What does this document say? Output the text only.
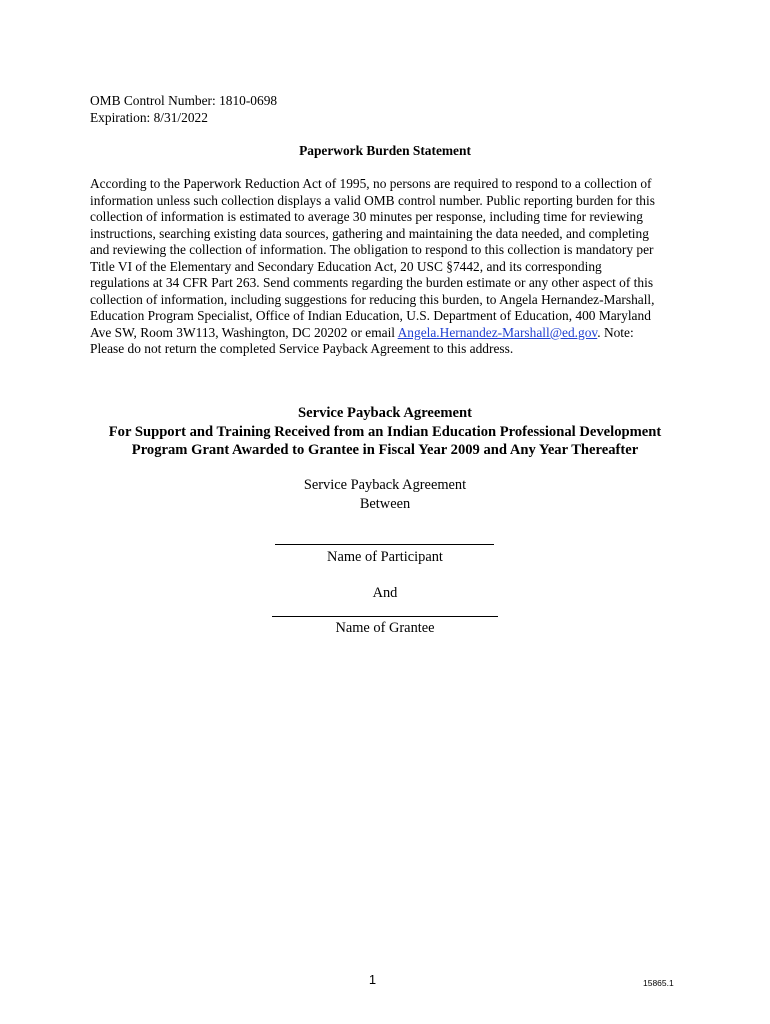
OMB Control Number: 1810-0698
Expiration: 8/31/2022
Paperwork Burden Statement
According to the Paperwork Reduction Act of 1995, no persons are required to respond to a collection of
information unless such collection displays a valid OMB control number. Public reporting burden for this
collection of information is estimated to average 30 minutes per response, including time for reviewing
instructions, searching existing data sources, gathering and maintaining the data needed, and completing
and reviewing the collection of information. The obligation to respond to this collection is mandatory per
Title VI of the Elementary and Secondary Education Act, 20 USC §7442, and its corresponding
regulations at 34 CFR Part 263. Send comments regarding the burden estimate or any other aspect of this
collection of information, including suggestions for reducing this burden, to Angela Hernandez-Marshall,
Education Program Specialist, Office of Indian Education, U.S. Department of Education, 400 Maryland
Ave SW, Room 3W113, Washington, DC 20202 or email Angela.Hernandez-Marshall@ed.gov. Note:
Please do not return the completed Service Payback Agreement to this address.
Service Payback Agreement
For Support and Training Received from an Indian Education Professional Development
Program Grant Awarded to Grantee in Fiscal Year 2009 and Any Year Thereafter
Service Payback Agreement
Between
Name of Participant
And
Name of Grantee
1	15865.1
